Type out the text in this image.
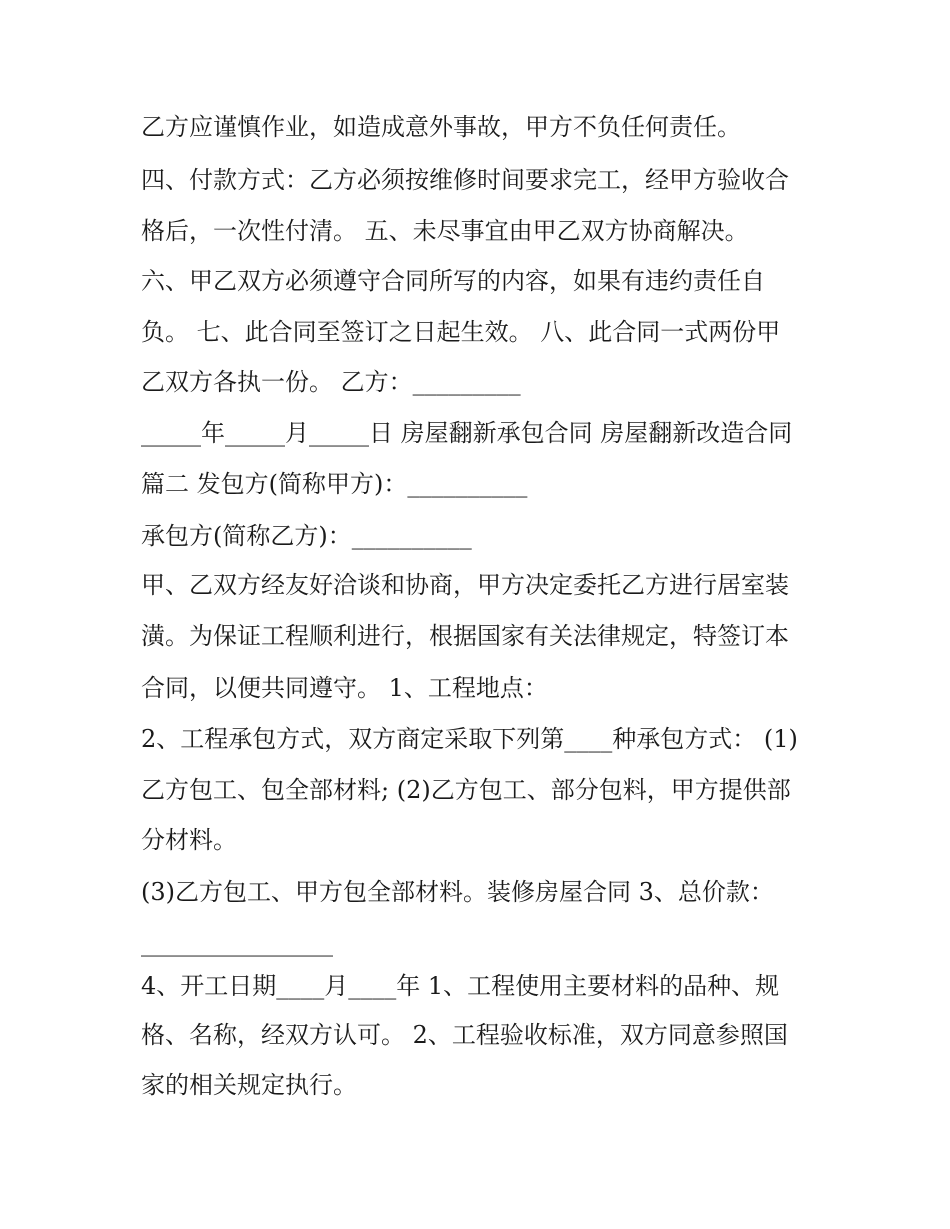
乙方应谨慎作业，如造成意外事故，甲方不负任何责任。
四、付款方式：乙方必须按维修时间要求完工，经甲方验收合
格后，一次性付清。 五、未尽事宜由甲乙双方协商解决。
六、甲乙双方必须遵守合同所写的内容，如果有违约责任自
负。 七、此合同至签订之日起生效。 八、此合同一式两份甲
乙双方各执一份。 乙方：_________
_____年_____月_____日 房屋翻新承包合同 房屋翻新改造合同
篇二 发包方(简称甲方)：__________
承包方(简称乙方)：__________
甲、乙双方经友好洽谈和协商，甲方决定委托乙方进行居室装
潢。为保证工程顺利进行，根据国家有关法律规定，特签订本
合同，以便共同遵守。 1、工程地点：
2、工程承包方式，双方商定采取下列第____种承包方式： (1)
乙方包工、包全部材料; (2)乙方包工、部分包料，甲方提供部
分材料。
(3)乙方包工、甲方包全部材料。装修房屋合同 3、总价款：
________________
4、开工日期____月____年 1、工程使用主要材料的品种、规
格、名称，经双方认可。 2、工程验收标准，双方同意参照国
家的相关规定执行。
